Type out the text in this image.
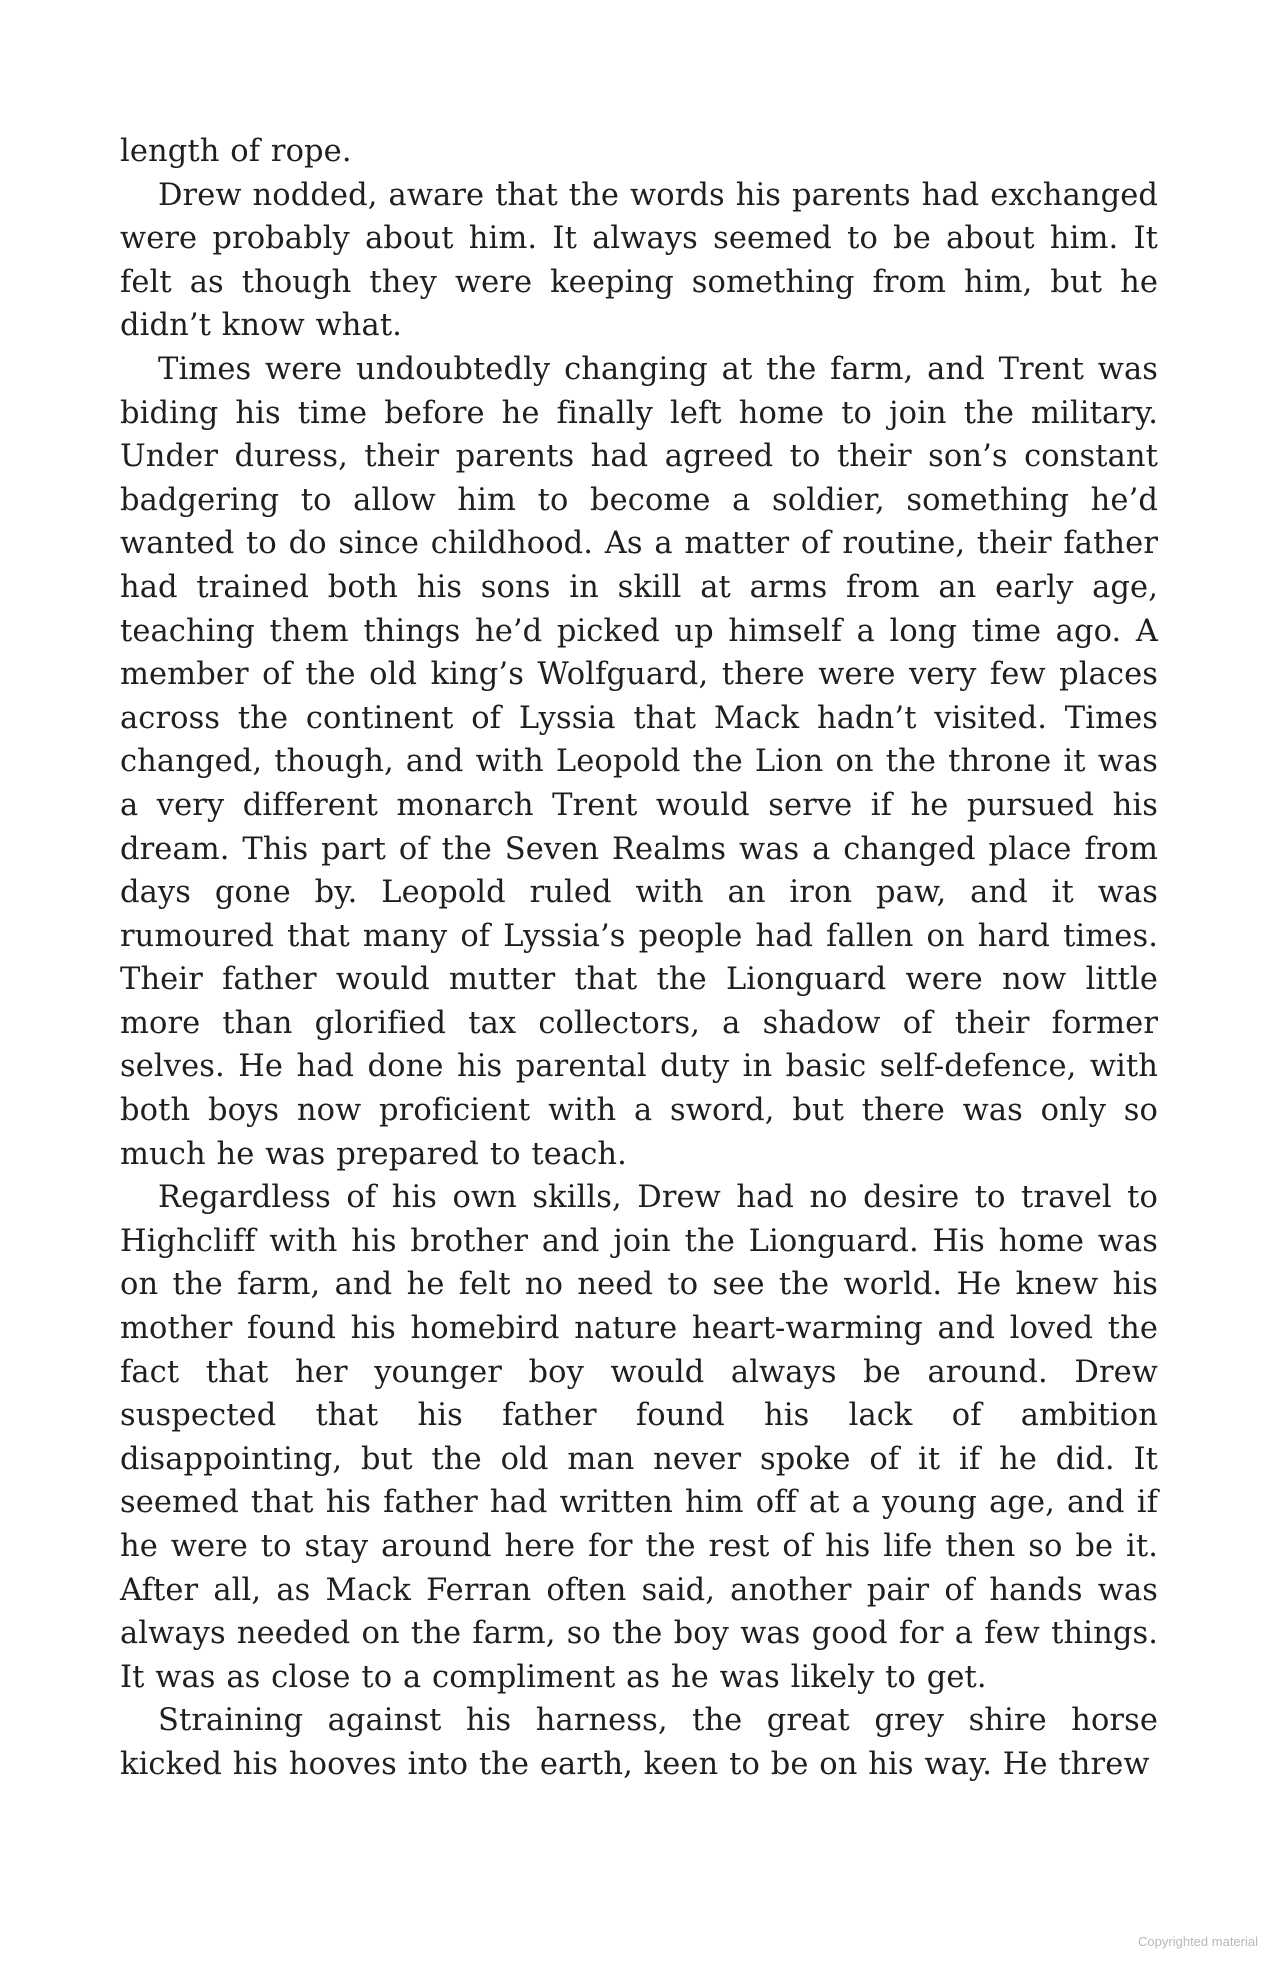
length of rope.

Drew nodded, aware that the words his parents had exchanged were probably about him. It always seemed to be about him. It felt as though they were keeping something from him, but he didn’t know what.

Times were undoubtedly changing at the farm, and Trent was biding his time before he finally left home to join the military. Under duress, their parents had agreed to their son’s constant badgering to allow him to become a soldier, something he’d wanted to do since childhood. As a matter of routine, their father had trained both his sons in skill at arms from an early age, teaching them things he’d picked up himself a long time ago. A member of the old king’s Wolfguard, there were very few places across the continent of Lyssia that Mack hadn’t visited. Times changed, though, and with Leopold the Lion on the throne it was a very different monarch Trent would serve if he pursued his dream. This part of the Seven Realms was a changed place from days gone by. Leopold ruled with an iron paw, and it was rumoured that many of Lyssia’s people had fallen on hard times. Their father would mutter that the Lionguard were now little more than glorified tax collectors, a shadow of their former selves. He had done his parental duty in basic self-defence, with both boys now proficient with a sword, but there was only so much he was prepared to teach.

Regardless of his own skills, Drew had no desire to travel to Highcliff with his brother and join the Lionguard. His home was on the farm, and he felt no need to see the world. He knew his mother found his homebird nature heart-warming and loved the fact that her younger boy would always be around. Drew suspected that his father found his lack of ambition disappointing, but the old man never spoke of it if he did. It seemed that his father had written him off at a young age, and if he were to stay around here for the rest of his life then so be it. After all, as Mack Ferran often said, another pair of hands was always needed on the farm, so the boy was good for a few things. It was as close to a compliment as he was likely to get.

Straining against his harness, the great grey shire horse kicked his hooves into the earth, keen to be on his way. He threw

Copyrighted material
